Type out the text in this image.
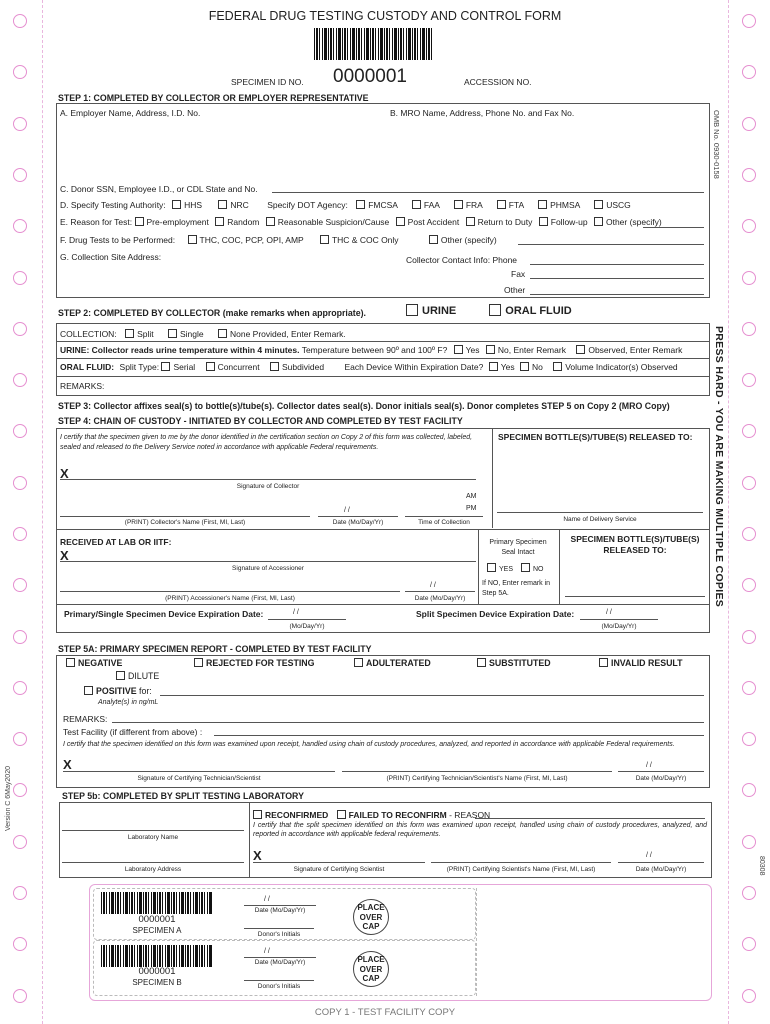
FEDERAL DRUG TESTING CUSTODY AND CONTROL FORM
SPECIMEN ID NO. 0000001	ACCESSION NO.
STEP 1: COMPLETED BY COLLECTOR OR EMPLOYER REPRESENTATIVE
A. Employer Name, Address, I.D. No.	B. MRO Name, Address, Phone No. and Fax No.
C. Donor SSN, Employee I.D., or CDL State and No.
D. Specify Testing Authority: HHS	NRC Specify DOT Agency: FMCSA	FAA	FRA	FTA	PHMSA	USCG
E. Reason for Test: Pre-employment Random Reasonable Suspicion/Cause Post Accident Return to Duty Follow-up Other (specify)
F. Drug Tests to be Performed:	THC, COC, PCP, OPI, AMP	THC & COC Only	Other (specify)
G. Collection Site Address:	Collector Contact Info: Phone
Fax
Other
OMB No. 0930-0158
PRESS HARD - YOU ARE MAKING MULTIPLE COPIES
Version C 6May2020
80308
STEP 2: COMPLETED BY COLLECTOR (make remarks when appropriate).	URINE	ORAL FLUID
COLLECTION: Split	Single	None Provided, Enter Remark.
URINE: Collector reads urine temperature within 4 minutes. Temperature between 90º and 100º F? Yes No, Enter Remark	Observed, Enter Remark
ORAL FLUID: Split Type: Serial	Concurrent	Subdivided Each Device Within Expiration Date? Yes No	Volume Indicator(s) Observed
REMARKS:
STEP 3: Collector affixes seal(s) to bottle(s)/tube(s). Collector dates seal(s). Donor initials seal(s). Donor completes STEP 5 on Copy 2 (MRO Copy)
STEP 4: CHAIN OF CUSTODY - INITIATED BY COLLECTOR AND COMPLETED BY TEST FACILITY
I certify that the specimen given to me by the donor identified in the certification section on Copy 2 of this form was collected, labeled, sealed and released to the Delivery Service noted in accordance with applicable Federal requirements.
SPECIMEN BOTTLE(S)/TUBE(S) RELEASED TO:
X
Signature of Collector
AM
PM
/ /
(PRINT) Collector's Name (First, MI, Last)	Date (Mo/Day/Yr)	Time of Collection	Name of Delivery Service
RECEIVED AT LAB OR IITF:
X
Signature of Accessioner
/ /
(PRINT) Accessioner's Name (First, MI, Last)	Date (Mo/Day/Yr)
Primary Specimen Seal Intact
YES	NO
If NO, Enter remark in Step 5A.
SPECIMEN BOTTLE(S)/TUBE(S) RELEASED TO:
Primary/Single Specimen Device Expiration Date:	/ /
(Mo/Day/Yr)
Split Specimen Device Expiration Date:	/ /
(Mo/Day/Yr)
STEP 5A: PRIMARY SPECIMEN REPORT - COMPLETED BY TEST FACILITY
NEGATIVE	REJECTED FOR TESTING	ADULTERATED	SUBSTITUTED	INVALID RESULT
DILUTE
POSITIVE for:
Analyte(s) in ng/mL
REMARKS:
Test Facility (if different from above) :
I certify that the specimen identified on this form was examined upon receipt, handled using chain of custody procedures, analyzed, and reported in accordance with applicable Federal requirements.
X	/ /
Signature of Certifying Technician/Scientist	(PRINT) Certifying Technician/Scientist's Name (First, MI, Last)	Date (Mo/Day/Yr)
STEP 5b: COMPLETED BY SPLIT TESTING LABORATORY
RECONFIRMED FAILED TO RECONFIRM - REASON
I certify that the split specimen identified on this form was examined upon receipt, handled using chain of custody procedures, analyzed, and reported in accordance with applicable federal requirements.
Laboratory Name
Laboratory Address
X	/ /
Signature of Certifying Scientist	(PRINT) Certifying Scientist's Name (First, MI, Last)	Date (Mo/Day/Yr)
0000001
SPECIMEN A
/ /
Date (Mo/Day/Yr)
Donor's Initials
PLACE
OVER
CAP
0000001
SPECIMEN B
/ /
Date (Mo/Day/Yr)
Donor's Initials
PLACE
OVER
CAP
COPY 1 - TEST FACILITY COPY
